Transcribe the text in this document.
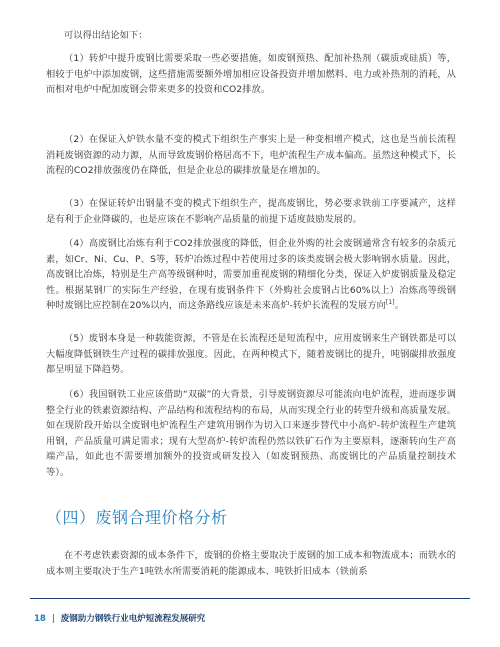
可以得出结论如下：

（1）转炉中提升废钢比需要采取一些必要措施，如废钢预热、配加补热剂（碳质或硅质）等，相较于电炉中添加废钢，这些措施需要额外增加相应设备投资并增加燃料、电力或补热剂的消耗，从而相对电炉中配加废钢会带来更多的投资和CO2排放。

（2）在保证入炉铁水量不变的模式下组织生产事实上是一种变相增产模式，这也是当前长流程消耗废钢资源的动力源，从而导致废钢价格居高不下，电炉流程生产成本偏高。虽然这种模式下，长流程的CO2排放强度仍在降低，但是企业总的碳排放量是在增加的。

（3）在保证转炉出钢量不变的模式下组织生产，提高废钢比，势必要求铁前工序要减产，这样是有利于企业降碳的，也是应该在不影响产品质量的前提下适度鼓励发展的。

（4）高废钢比冶炼有利于CO2排放强度的降低，但企业外购的社会废钢通常含有较多的杂质元素，如Cr、Ni、Cu、P、S等，转炉冶炼过程中若使用过多的该类废钢会极大影响钢水质量。因此，高废钢比冶炼，特别是生产高等级钢种时，需要加重视废钢的精细化分类，保证入炉废钢质量及稳定性。根据某钢厂的实际生产经验，在现有废钢条件下（外购社会废钢占比60%以上）冶炼高等级钢种时废钢比应控制在20%以内，而这条路线应该是未来高炉-转炉长流程的发展方向[1]。

（5）废钢本身是一种载能资源，不管是在长流程还是短流程中，应用废钢来生产钢铁都是可以大幅度降低钢铁生产过程的碳排放强度。因此，在两种模式下，随着废钢比的提升，吨钢碳排放强度都呈明显下降趋势。

（6）我国钢铁工业应该借助“双碳”的大背景，引导废钢资源尽可能流向电炉流程，进而逐步调整全行业的铁素资源结构、产品结构和流程结构的布局，从而实现全行业的转型升级和高质量发展。如在现阶段开始以全废钢电炉流程生产建筑用钢作为切入口来逐步替代中小高炉-转炉流程生产建筑用钢，产品质量可满足需求；现有大型高炉-转炉流程仍然以铁矿石作为主要原料，逐渐转向生产高端产品，如此也不需要增加额外的投资或研发投入（如废钢预热、高废钢比的产品质量控制技术等）。

（四）废钢合理价格分析

在不考虑铁素资源的成本条件下，废钢的价格主要取决于废钢的加工成本和物流成本；而铁水的成本则主要取决于生产1吨铁水所需要消耗的能源成本、吨铁折旧成本（铁前系

18 | 废钢助力钢铁行业电炉短流程发展研究
